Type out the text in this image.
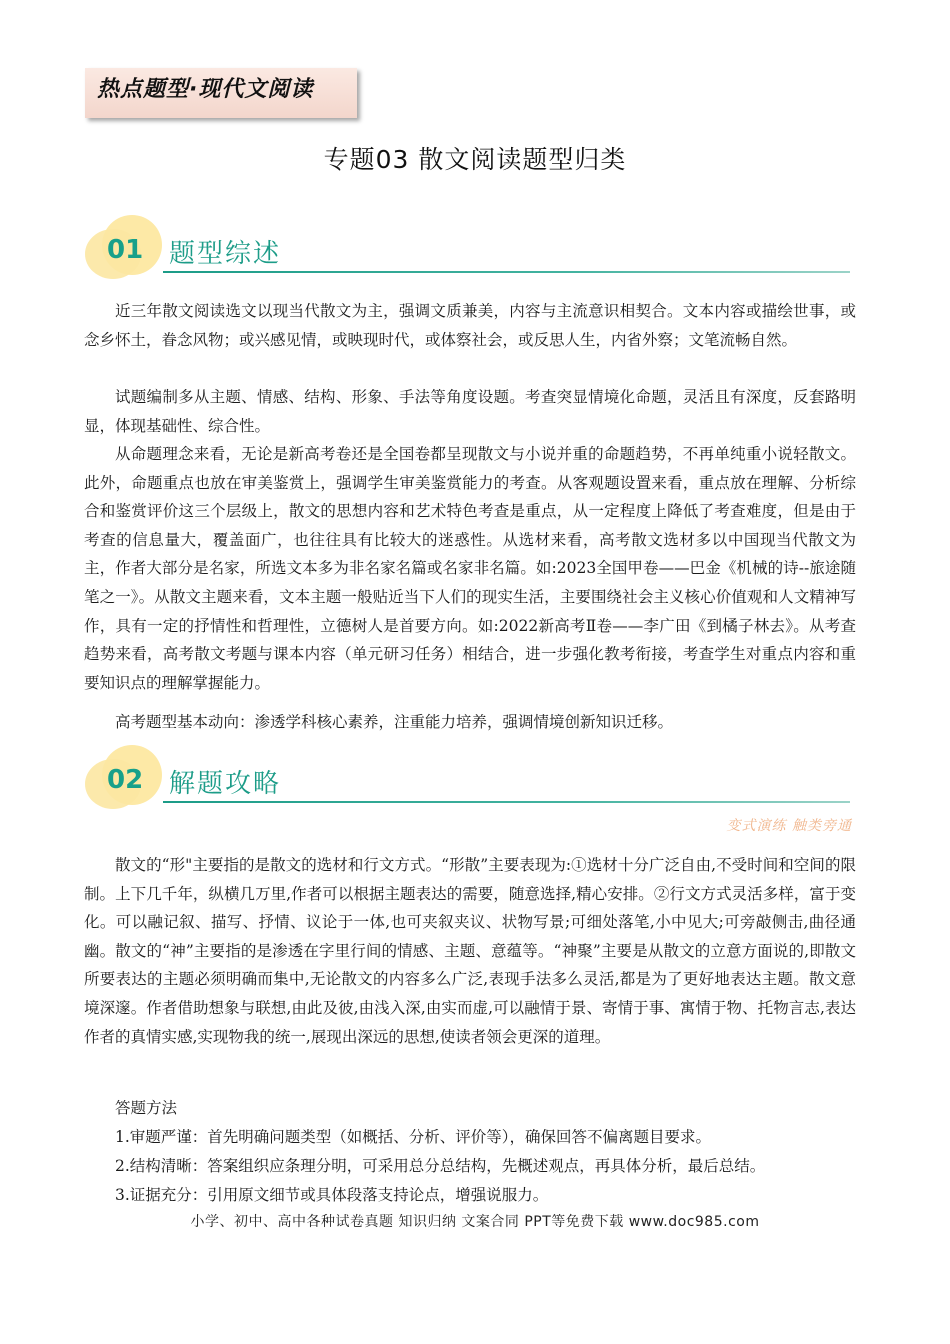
热点题型·现代文阅读
专题03 散文阅读题型归类
01 题型综述
近三年散文阅读选文以现当代散文为主，强调文质兼美，内容与主流意识相契合。文本内容或描绘世事，或念乡怀土，眷念风物；或兴感见情，或映现时代，或体察社会，或反思人生，内省外察；文笔流畅自然。
试题编制多从主题、情感、结构、形象、手法等角度设题。考查突显情境化命题，灵活且有深度，反套路明显，体现基础性、综合性。
从命题理念来看，无论是新高考卷还是全国卷都呈现散文与小说并重的命题趋势，不再单纯重小说轻散文。此外，命题重点也放在审美鉴赏上，强调学生审美鉴赏能力的考查。从客观题设置来看，重点放在理解、分析综合和鉴赏评价这三个层级上，散文的思想内容和艺术特色考查是重点，从一定程度上降低了考查难度，但是由于考查的信息量大，覆盖面广，也往往具有比较大的迷惑性。从选材来看，高考散文选材多以中国现当代散文为主，作者大部分是名家，所选文本多为非名家名篇或名家非名篇。如:2023全国甲卷——巴金《机械的诗--旅途随笔之一》。从散文主题来看，文本主题一般贴近当下人们的现实生活，主要围绕社会主义核心价值观和人文精神写作，具有一定的抒情性和哲理性，立德树人是首要方向。如:2022新高考Ⅱ卷——李广田《到橘子林去》。从考查趋势来看，高考散文考题与课本内容（单元研习任务）相结合，进一步强化教考衔接，考查学生对重点内容和重要知识点的理解掌握能力。
高考题型基本动向：渗透学科核心素养，注重能力培养，强调情境创新知识迁移。
02 解题攻略
变式演练 触类旁通
散文的“形"主要指的是散文的选材和行文方式。“形散”主要表现为:①选材十分广泛自由,不受时间和空间的限制。上下几千年，纵横几万里,作者可以根据主题表达的需要，随意选择,精心安排。②行文方式灵活多样，富于变化。可以融记叙、描写、抒情、议论于一体,也可夹叙夹议、状物写景;可细处落笔,小中见大;可旁敲侧击,曲径通幽。散文的“神”主要指的是渗透在字里行间的情感、主题、意蕴等。“神聚”主要是从散文的立意方面说的,即散文所要表达的主题必须明确而集中,无论散文的内容多么广泛,表现手法多么灵活,都是为了更好地表达主题。散文意境深邃。作者借助想象与联想,由此及彼,由浅入深,由实而虚,可以融情于景、寄情于事、寓情于物、托物言志,表达作者的真情实感,实现物我的统一,展现出深远的思想,使读者领会更深的道理。
答题方法
1.审题严谨：首先明确问题类型（如概括、分析、评价等），确保回答不偏离题目要求。
2.结构清晰：答案组织应条理分明，可采用总分总结构，先概述观点，再具体分析，最后总结。
3.证据充分：引用原文细节或具体段落支持论点，增强说服力。
小学、初中、高中各种试卷真题 知识归纳 文案合同 PPT等免费下载 www.doc985.com
